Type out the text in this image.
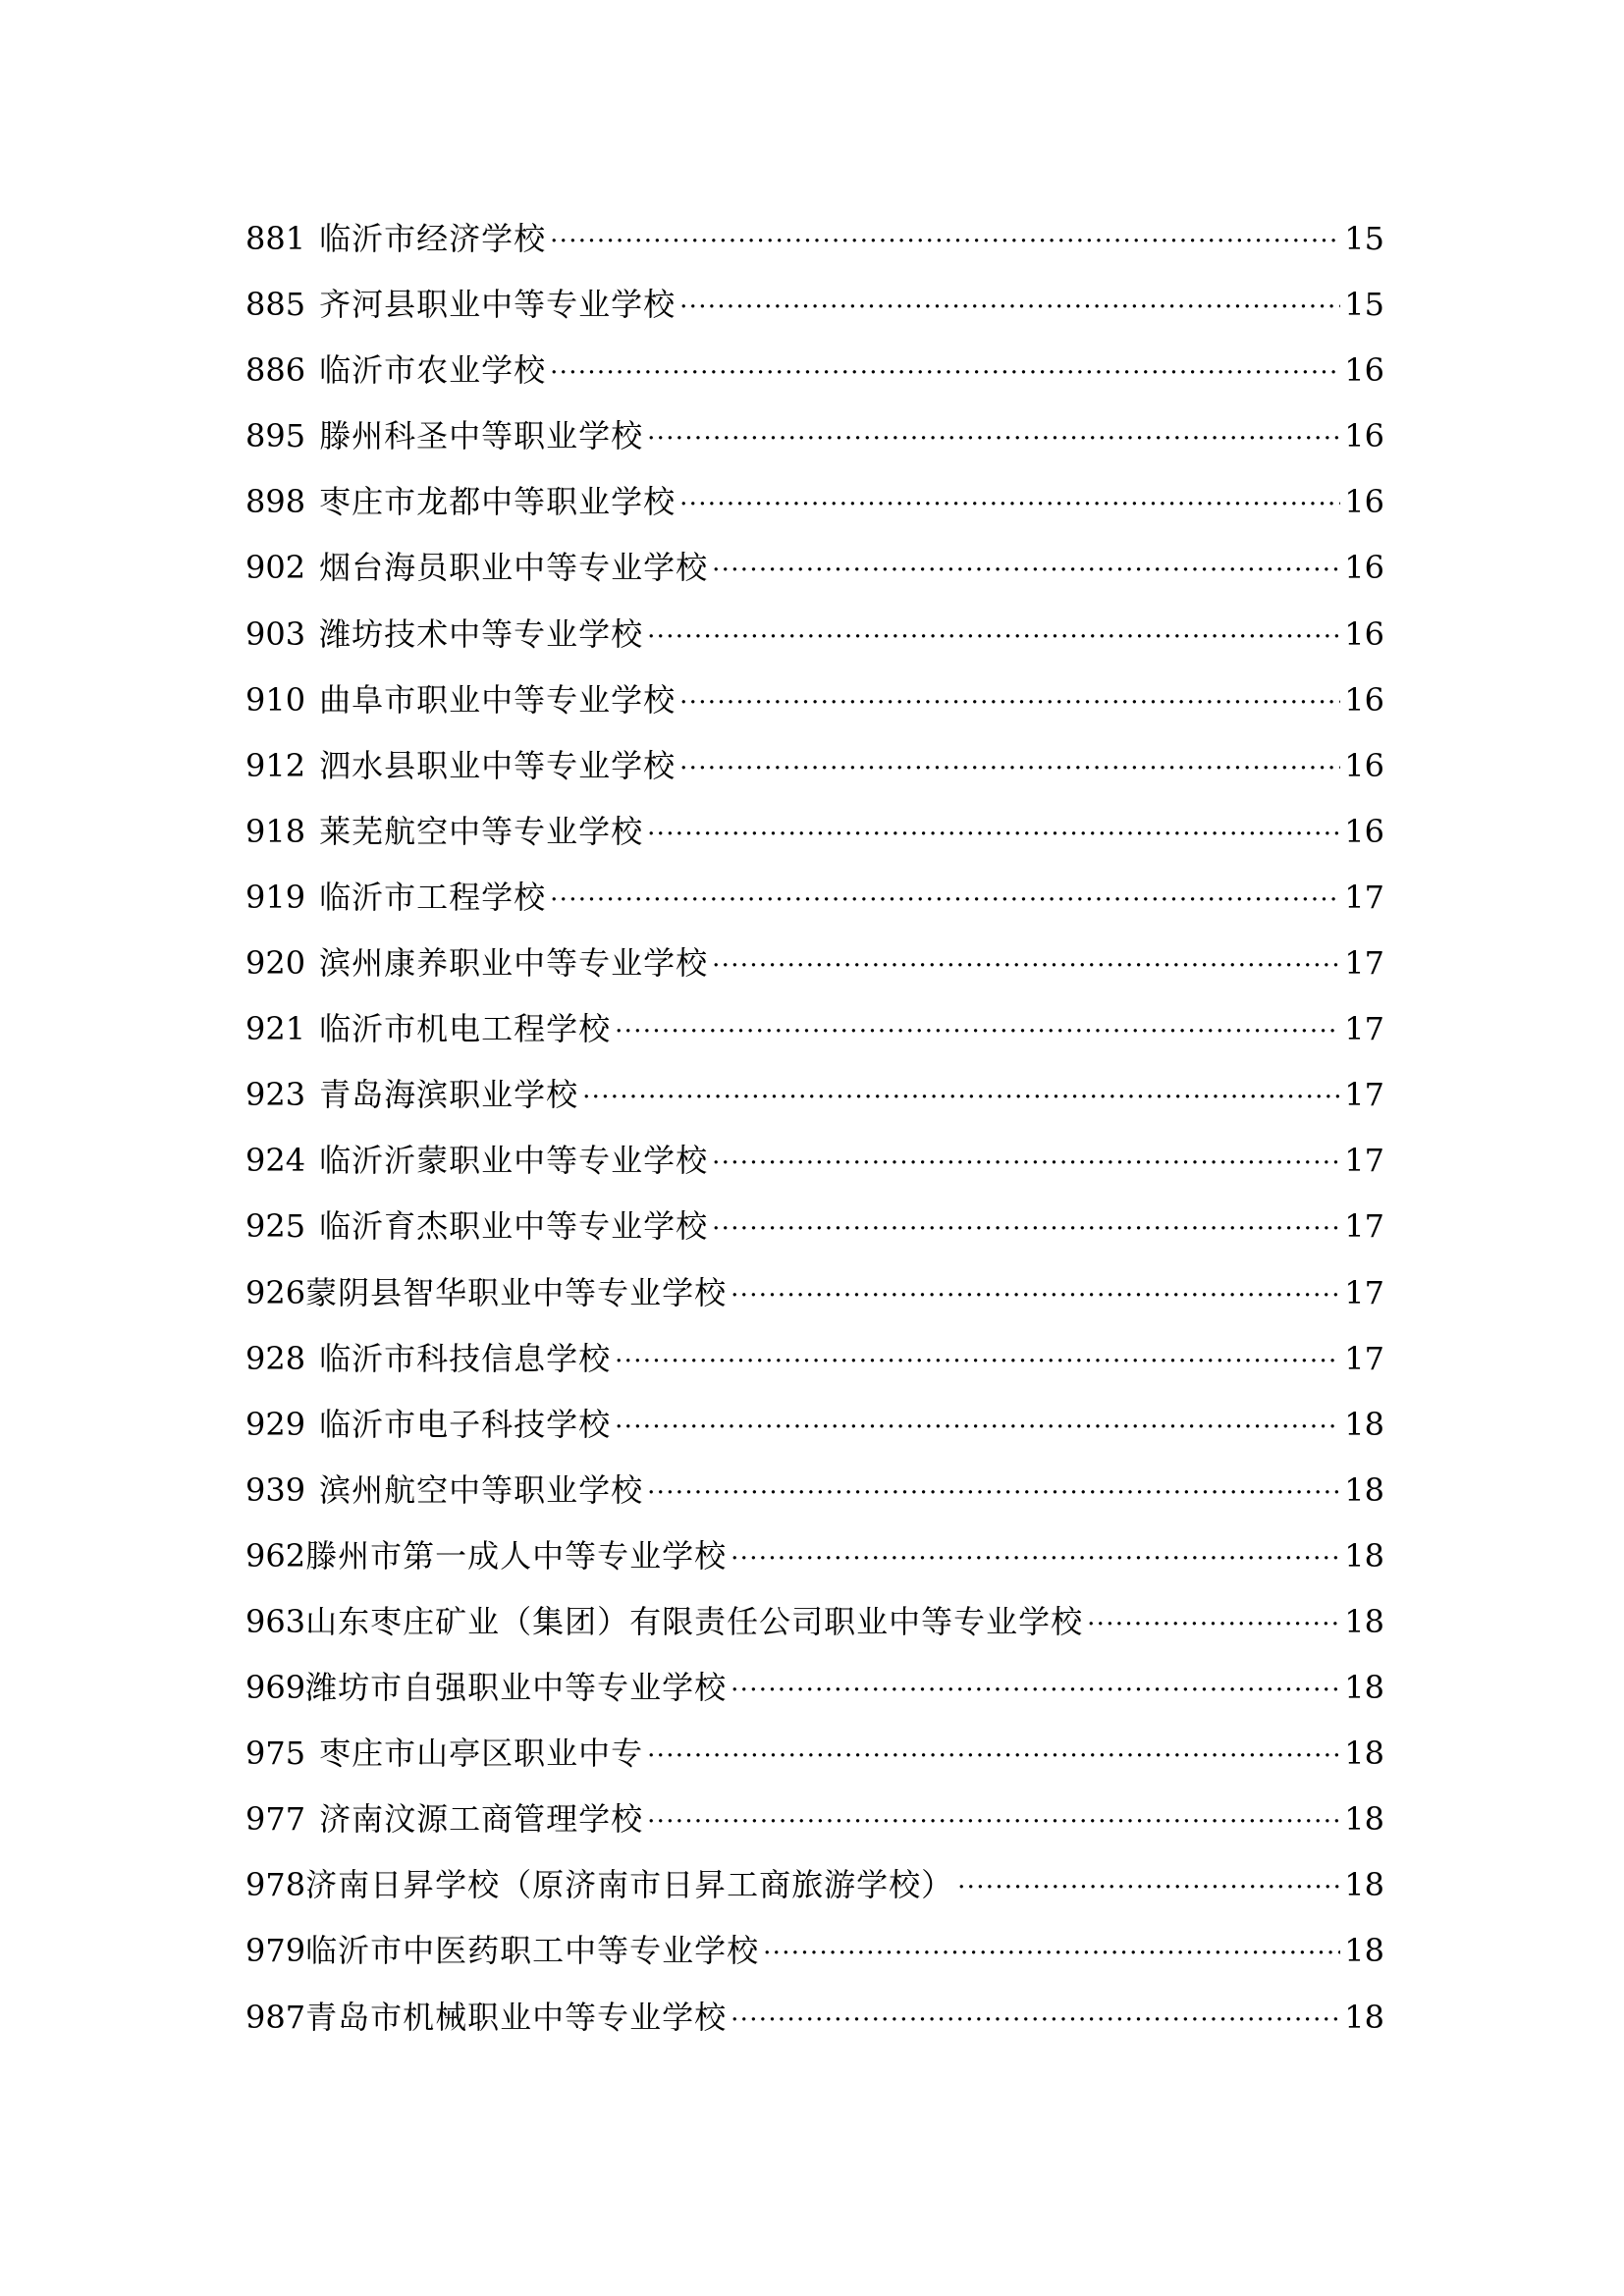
881 临沂市经济学校 ·····	15
885 齐河县职业中等专业学校 ·····	15
886 临沂市农业学校 ·····	16
895 滕州科圣中等职业学校 ·····	16
898 枣庄市龙都中等职业学校 ·····	16
902 烟台海员职业中等专业学校 ·····	16
903 潍坊技术中等专业学校 ·····	16
910 曲阜市职业中等专业学校 ·····	16
912 泗水县职业中等专业学校 ·····	16
918 莱芜航空中等专业学校 ·····	16
919 临沂市工程学校 ·····	17
920 滨州康养职业中等专业学校 ·····	17
921 临沂市机电工程学校 ·····	17
923 青岛海滨职业学校 ·····	17
924 临沂沂蒙职业中等专业学校 ·····	17
925 临沂育杰职业中等专业学校 ·····	17
926 蒙阴县智华职业中等专业学校 ·····	17
928 临沂市科技信息学校 ·····	17
929 临沂市电子科技学校 ·····	18
939 滨州航空中等职业学校 ·····	18
962 滕州市第一成人中等专业学校 ·····	18
963 山东枣庄矿业（集团）有限责任公司职业中等专业学校 ·····	18
969 潍坊市自强职业中等专业学校 ·····	18
975 枣庄市山亭区职业中专 ·····	18
977 济南汶源工商管理学校 ·····	18
978 济南日昇学校（原济南市日昇工商旅游学校） ·····	18
979 临沂市中医药职工中等专业学校 ·····	18
987 青岛市机械职业中等专业学校 ·····	18
